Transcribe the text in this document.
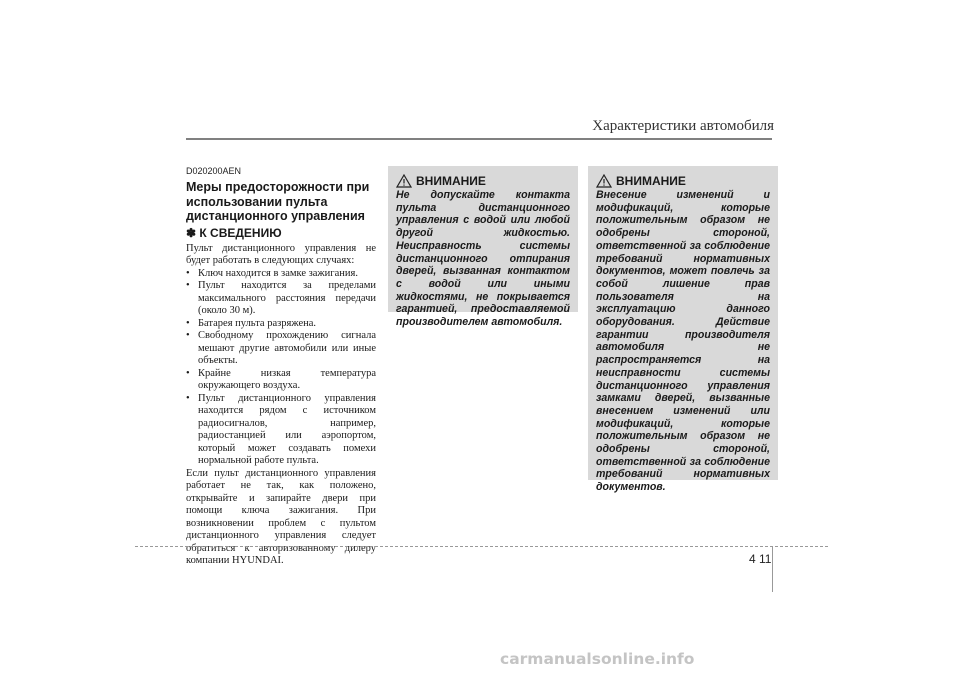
Характеристики автомобиля
D020200AEN
Меры предосторожности при использовании пульта дистанционного управления
✽ К СВЕДЕНИЮ

Пульт дистанционного управления не будет работать в следующих случаях:

• Ключ находится в замке зажигания.
• Пульт находится за пределами максимального расстояния передачи (около 30 м).
• Батарея пульта разряжена.
• Свободному прохождению сигнала мешают другие автомобили или иные объекты.
• Крайне низкая температура окружающего воздуха.
• Пульт дистанционного управления находится рядом с источником радиосигналов, например, радиостанцией или аэропортом, который может создавать помехи нормальной работе пульта.

Если пульт дистанционного управления работает не так, как положено, открывайте и запирайте двери при помощи ключа зажигания. При возникновении проблем с пультом дистанционного управления следует обратиться к авторизованному дилеру компании HYUNDAI.

ВНИМАНИЕ

Не допускайте контакта пульта дистанционного управления с водой или любой другой жидкостью. Неисправность системы дистанционного отпирания дверей, вызванная контактом с водой или иными жидкостями, не покрывается гарантией, предоставляемой производителем автомобиля.

ВНИМАНИЕ

Внесение изменений и модификаций, которые положительным образом не одобрены стороной, ответственной за соблюдение требований нормативных документов, может повлечь за собой лишение прав пользователя на эксплуатацию данного оборудования. Действие гарантии производителя автомобиля не распространяется на неисправности системы дистанционного управления замками дверей, вызванные внесением изменений или модификаций, которые положительным образом не одобрены стороной, ответственной за соблюдение требований нормативных документов.

4 11
carmanualsonline.info
